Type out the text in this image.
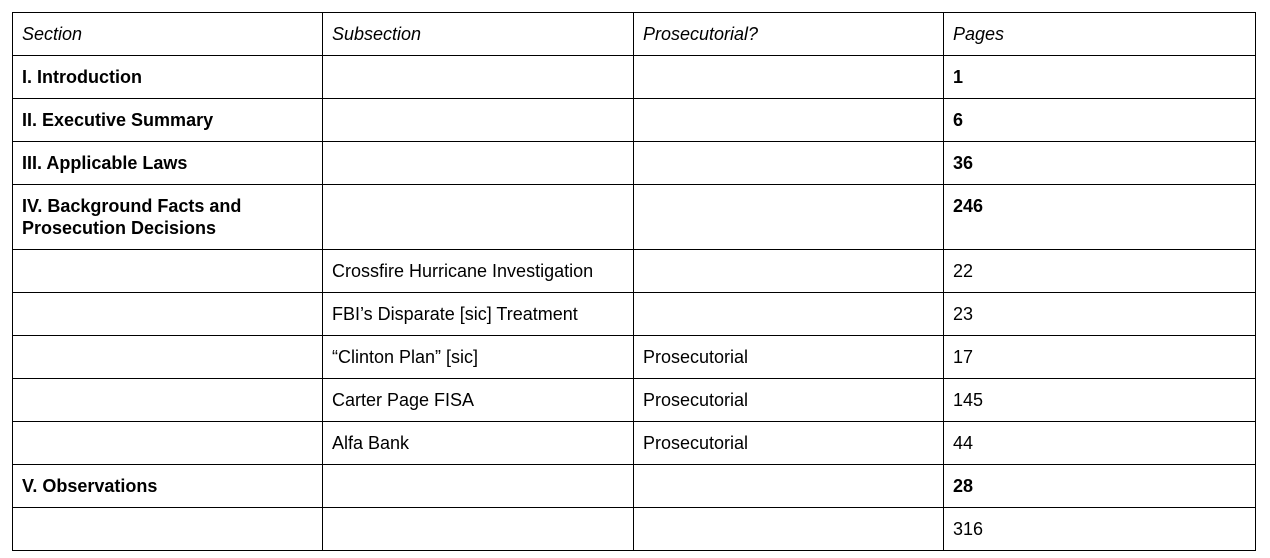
Section	Subsection	Prosecutorial?	Pages
I. Introduction			1
II. Executive Summary			6
III. Applicable Laws			36
IV. Background Facts and Prosecution Decisions			246
	Crossfire Hurricane Investigation		22
	FBI’s Disparate [sic] Treatment		23
	“Clinton Plan” [sic]	Prosecutorial	17
	Carter Page FISA	Prosecutorial	145
	Alfa Bank	Prosecutorial	44
V. Observations			28
			316
